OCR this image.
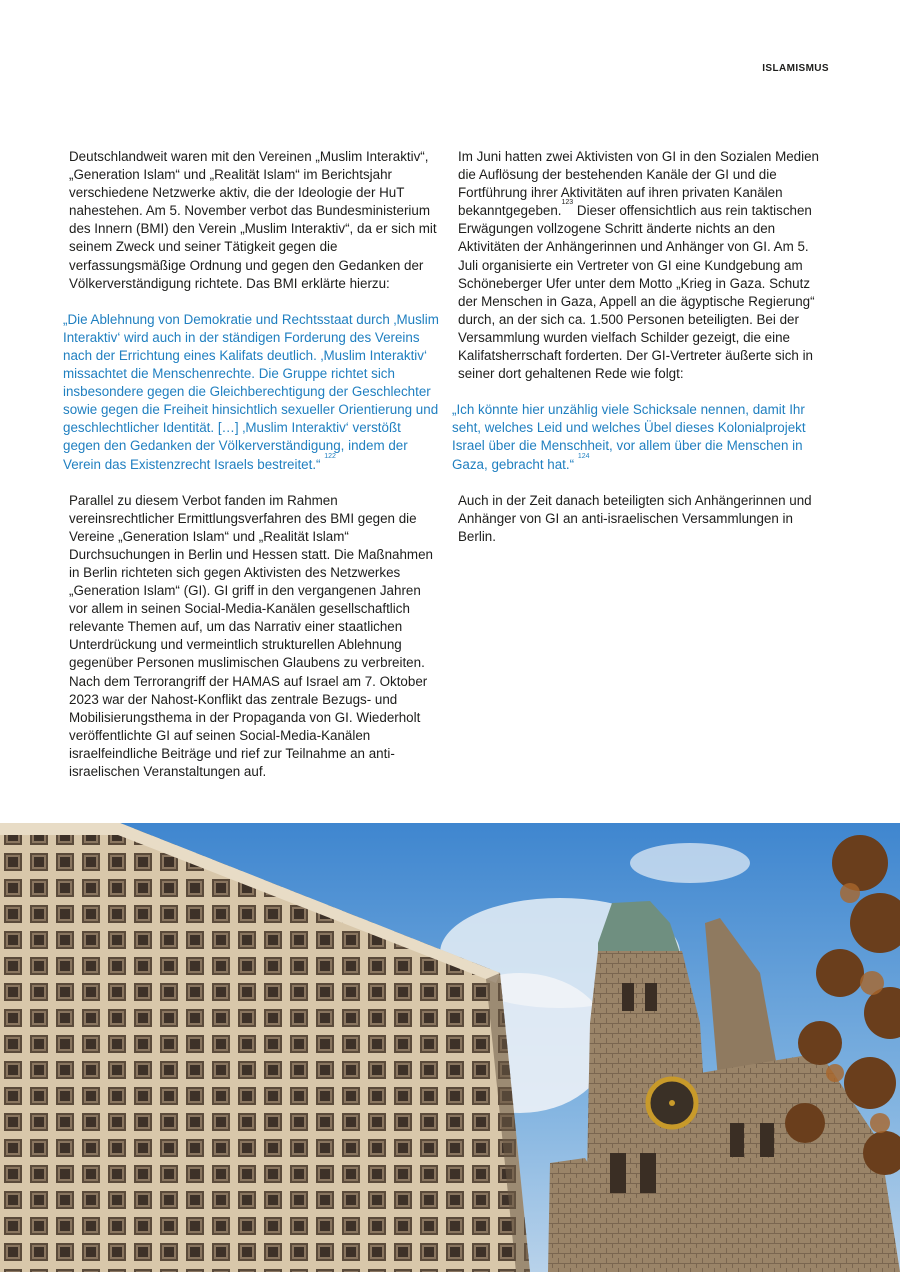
ISLAMISMUS

Deutschlandweit waren mit den Vereinen „Muslim Interaktiv“, „Generation Islam“ und „Realität Islam“ im Berichtsjahr verschiedene Netzwerke aktiv, die der Ideologie der HuT nahestehen. Am 5. November verbot das Bundesministerium des Innern (BMI) den Verein „Muslim Interaktiv“, da er sich mit seinem Zweck und seiner Tätigkeit gegen die verfassungsmäßige Ordnung und gegen den Gedanken der Völkerverständigung richtete. Das BMI erklärte hierzu:

„Die Ablehnung von Demokratie und Rechtsstaat durch ‚Muslim Interaktiv‘ wird auch in der ständigen Forderung des Vereins nach der Errichtung eines Kalifats deutlich. ‚Muslim Interaktiv‘ missachtet die Menschenrechte. Die Gruppe richtet sich insbesondere gegen die Gleichberechtigung der Geschlechter sowie gegen die Freiheit hinsichtlich sexueller Orientierung und geschlechtlicher Identität. […] ‚Muslim Interaktiv‘ verstößt gegen den Gedanken der Völkerverständigung, indem der Verein das Existenzrecht Israels bestreitet.“ $^{122}$

Parallel zu diesem Verbot fanden im Rahmen vereinsrechtlicher Ermittlungsverfahren des BMI gegen die Vereine „Generation Islam“ und „Realität Islam“ Durchsuchungen in Berlin und Hessen statt. Die Maßnahmen in Berlin richteten sich gegen Aktivisten des Netzwerkes „Generation Islam“ (GI). GI griff in den vergangenen Jahren vor allem in seinen Social-Media-Kanälen gesellschaftlich relevante Themen auf, um das Narrativ einer staatlichen Unterdrückung und vermeintlich strukturellen Ablehnung gegenüber Personen muslimischen Glaubens zu verbreiten. Nach dem Terrorangriff der HAMAS auf Israel am 7. Oktober 2023 war der Nahost-Konflikt das zentrale Bezugs- und Mobilisierungsthema in der Propaganda von GI. Wiederholt veröffentlichte GI auf seinen Social-Media-Kanälen israelfeindliche Beiträge und rief zur Teilnahme an anti-israelischen Veranstaltungen auf.

Im Juni hatten zwei Aktivisten von GI in den Sozialen Medien die Auflösung der bestehenden Kanäle der GI und die Fortführung ihrer Aktivitäten auf ihren privaten Kanälen bekanntgegeben.$^{123}$ Dieser offensichtlich aus rein taktischen Erwägungen vollzogene Schritt änderte nichts an den Aktivitäten der Anhängerinnen und Anhänger von GI. Am 5. Juli organisierte ein Vertreter von GI eine Kundgebung am Schöneberger Ufer unter dem Motto „Krieg in Gaza. Schutz der Menschen in Gaza, Appell an die ägyptische Regierung“ durch, an der sich ca. 1.500 Personen beteiligten. Bei der Versammlung wurden vielfach Schilder gezeigt, die eine Kalifatsherrschaft forderten. Der GI-Vertreter äußerte sich in seiner dort gehaltenen Rede wie folgt:

„Ich könnte hier unzählig viele Schicksale nennen, damit Ihr seht, welches Leid und welches Übel dieses Kolonialprojekt Israel über die Menschheit, vor allem über die Menschen in Gaza, gebracht hat.“ $^{124}$

Auch in der Zeit danach beteiligten sich Anhängerinnen und Anhänger von GI an anti-israelischen Versammlungen in Berlin.
